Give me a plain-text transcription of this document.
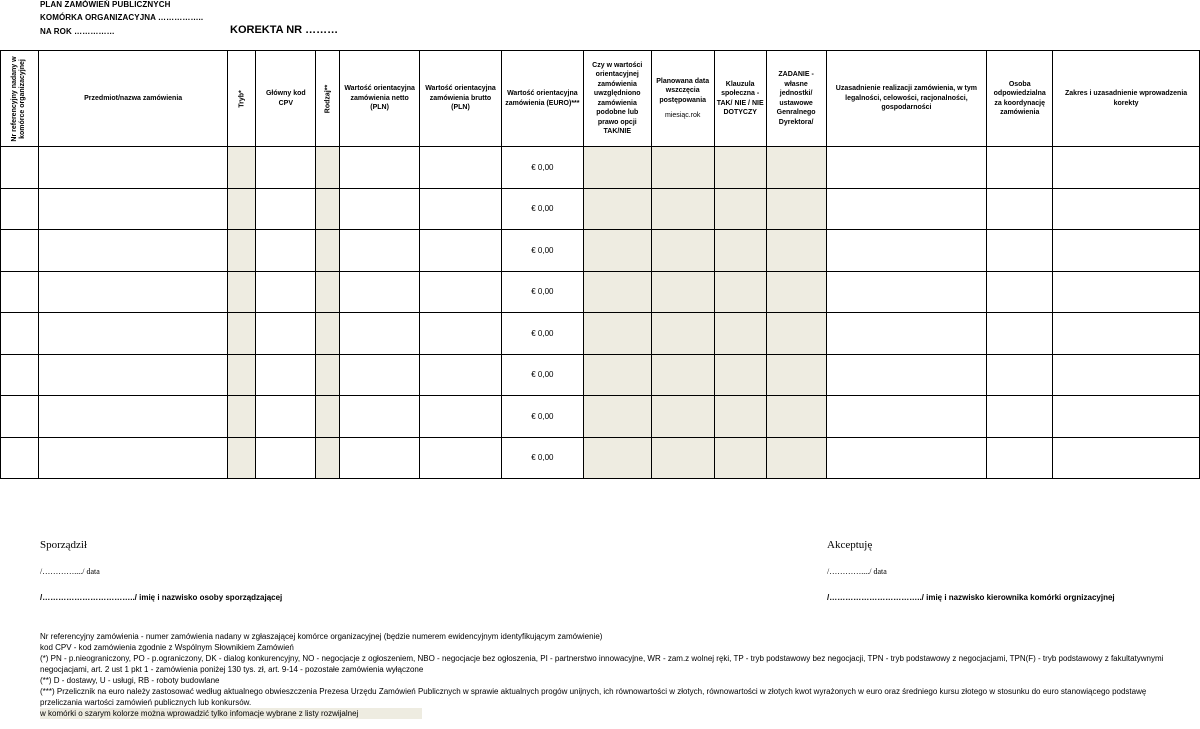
PLAN ZAMÓWIEŃ PUBLICZNYCH
KOMÓRKA ORGANIZACYJNA ……………..
NA ROK ……………	KOREKTA NR ………
Nr referencyjny nadany w komórce organizacyjnej	Przedmiot/nazwa zamówienia	Tryb*	Główny kod CPV	Rodzaj**	Wartość orientacyjna zamówienia netto (PLN)	Wartość orientacyjna zamówienia brutto (PLN)	Wartość orientacyjna zamówienia (EURO)***	Czy w wartości orientacyjnej zamówienia uwzględniono zamówienia podobne lub prawo opcji TAK/NIE	Planowana data wszczęcia postępowania
miesiąc.rok	Klauzula społeczna - TAK/ NIE / NIE DOTYCZY	ZADANIE - własne jednostki/ ustawowe Genralnego Dyrektora/	Uzasadnienie realizacji zamówienia, w tym legalności, celowości, racjonalności, gospodarności	Osoba odpowiedzialna za koordynację zamówienia	Zakres i uzasadnienie wprowadzenia korekty
							€ 0,00							
							€ 0,00							
							€ 0,00							
							€ 0,00							
							€ 0,00							
							€ 0,00							
							€ 0,00							
							€ 0,00							
Sporządził
/…………..../ data
/……………………………../ imię i nazwisko osoby sporządzającej
Akceptuję
/…………..../ data
/……………………………../ imię i nazwisko kierownika komórki orgnizacyjnej
Nr referencyjny zamówienia - numer zamówienia nadany w zgłaszającej komórce organizacyjnej (będzie numerem ewidencyjnym identyfikującym zamówienie)
kod CPV - kod zamówienia zgodnie z Wspólnym Słownikiem Zamówień
(*) PN - p.nieograniczony, PO - p.ograniczony, DK - dialog konkurencyjny, NO - negocjacje z ogłoszeniem, NBO - negocjacje bez ogłoszenia, PI - partnerstwo innowacyjne, WR - zam.z wolnej ręki, TP - tryb podstawowy bez negocjacji, TPN - tryb podstawowy z negocjacjami, TPN(F) - tryb podstawowy z fakultatywnymi negocjacjami, art. 2 ust 1 pkt 1 - zamówienia poniżej 130 tys. zł, art. 9-14 - pozostałe zamówienia wyłączone
(**) D - dostawy, U - usługi, RB - roboty budowlane
(***) Przelicznik na euro należy zastosować według aktualnego obwieszczenia Prezesa Urzędu Zamówień Publicznych w sprawie aktualnych progów unijnych, ich równowartości w złotych, równowartości w złotych kwot wyrażonych w euro oraz średniego kursu złotego w stosunku do euro stanowiącego podstawę przeliczania wartości zamówień publicznych lub konkursów.
w komórki o szarym kolorze można wprowadzić tylko infomacje wybrane z listy rozwijalnej
